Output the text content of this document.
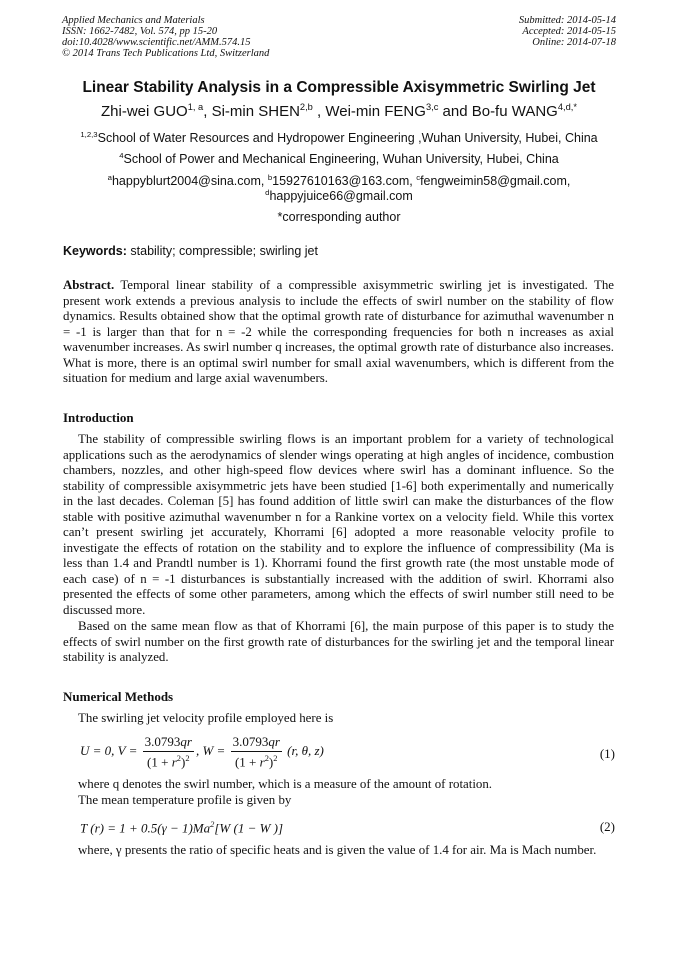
Applied Mechanics and Materials
ISSN: 1662-7482, Vol. 574, pp 15-20
doi:10.4028/www.scientific.net/AMM.574.15
© 2014 Trans Tech Publications Ltd, Switzerland
Submitted: 2014-05-14
Accepted: 2014-05-15
Online: 2014-07-18
Linear Stability Analysis in a Compressible Axisymmetric Swirling Jet
Zhi-wei GUO$^{1, a}$, Si-min SHEN$^{2,b}$ , Wei-min FENG$^{3,c}$ and Bo-fu $WANG^{4,d,*}$
$^{1,2,3}$School of Water Resources and Hydropower Engineering ,Wuhan University, Hubei, China
$^4$School of Power and Mechanical Engineering, Wuhan University, Hubei, China
$^a$happyblurt2004@sina.com, $^b$15927610163@163.com, $^c$fengweimin58@gmail.com,
$^d$happyjuice66@gmail.com
*corresponding author
Keywords: stability; compressible; swirling jet
Abstract. Temporal linear stability of a compressible axisymmetric swirling jet is investigated. The present work extends a previous analysis to include the effects of swirl number on the stability of flow dynamics. Results obtained show that the optimal growth rate of disturbance for azimuthal wavenumber n = -1 is larger than that for n = -2 while the corresponding frequencies for both n increases as axial wavenumber increases. As swirl number q increases, the optimal growth rate of disturbance also increases. What is more, there is an optimal swirl number for small axial wavenumbers, which is different from the situation for medium and large axial wavenumbers.
Introduction
The stability of compressible swirling flows is an important problem for a variety of technological applications such as the aerodynamics of slender wings operating at high angles of incidence, combustion chambers, nozzles, and other high-speed flow devices where swirl has a dominant influence. So the stability of compressible axisymmetric jets have been studied [1-6] both experimentally and numerically in the last decades. Coleman [5] has found addition of little swirl can make the disturbances of the flow stable with positive azimuthal wavenumber n for a Rankine vortex on a velocity field. While this vortex can’t present swirling jet accurately, Khorrami [6] adopted a more reasonable velocity profile to investigate the effects of rotation on the stability and to explore the influence of compressibility (Ma is less than 1.4 and Prandtl number is 1). Khorrami found the first growth rate (the most unstable mode of each case) of n = -1 disturbances is substantially increased with the addition of swirl. Khorrami also presented the effects of some other parameters, among which the effects of swirl number still need to be discussed more.
Based on the same mean flow as that of Khorrami [6], the main purpose of this paper is to study the effects of swirl number on the first growth rate of disturbances for the swirling jet and the temporal linear stability is analyzed.
Numerical Methods
The swirling jet velocity profile employed here is
U = 0, $V = \frac{3.0793qr}{(1 + r^2)^2}$ , $W = \frac{3.0793qr}{(1 + r^2)^2} (r$, θ, z)	(1)
where q denotes the swirl number, which is a measure of the amount of rotation.
The mean temperature profile is given by
T $(r) = 1 + 0.5(\gamma - 1)Ma^2[W$ (1 − W )]	(2)
where, γ presents the ratio of specific heats and is given the value of 1.4 for air. Ma is Mach number.
